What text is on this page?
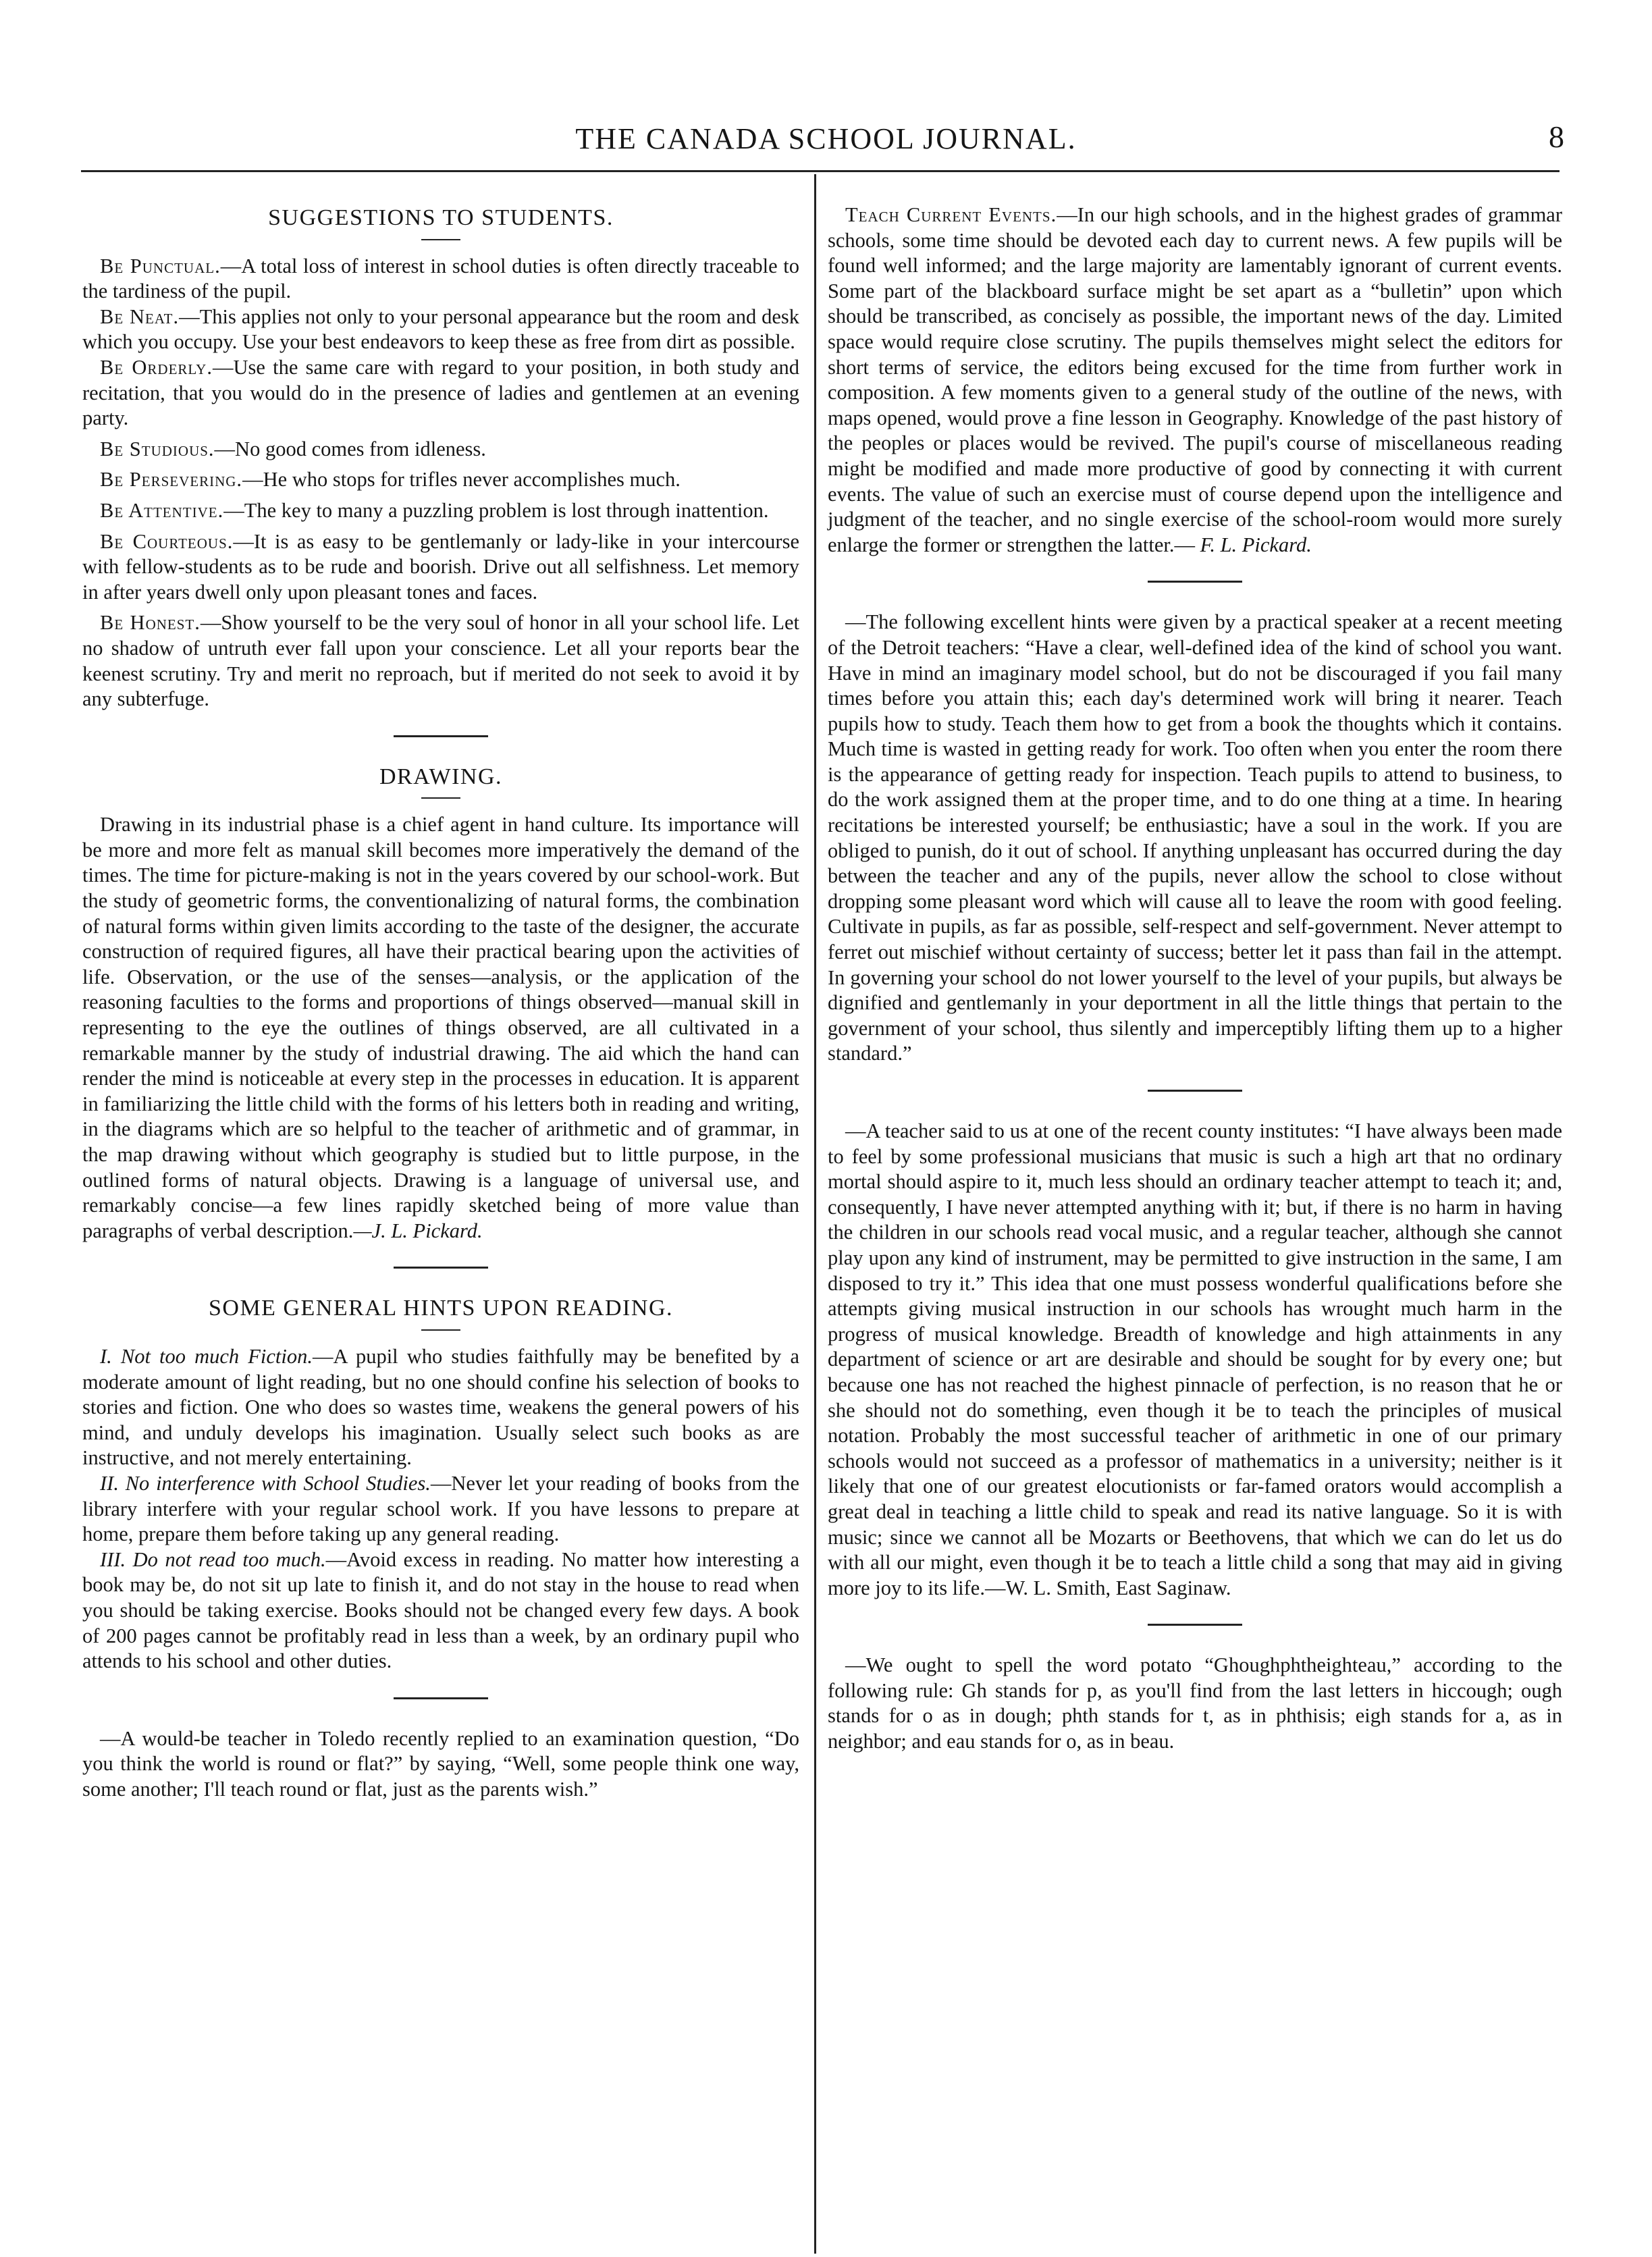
THE CANADA SCHOOL JOURNAL.	8
SUGGESTIONS TO STUDENTS.

Be Punctual.—A total loss of interest in school duties is often directly traceable to the tardiness of the pupil.

Be Neat.—This applies not only to your personal appearance but the room and desk which you occupy. Use your best endeavors to keep these as free from dirt as possible.

Be Orderly.—Use the same care with regard to your position, in both study and recitation, that you would do in the presence of ladies and gentlemen at an evening party.

Be Studious.—No good comes from idleness.

Be Persevering.—He who stops for trifles never accomplishes much.

Be Attentive.—The key to many a puzzling problem is lost through inattention.

Be Courteous.—It is as easy to be gentlemanly or lady-like in your intercourse with fellow-students as to be rude and boorish. Drive out all selfishness. Let memory in after years dwell only upon pleasant tones and faces.

Be Honest.—Show yourself to be the very soul of honor in all your school life. Let no shadow of untruth ever fall upon your conscience. Let all your reports bear the keenest scrutiny. Try and merit no reproach, but if merited do not seek to avoid it by any subterfuge.

DRAWING.

Drawing in its industrial phase is a chief agent in hand culture. Its importance will be more and more felt as manual skill becomes more imperatively the demand of the times. The time for picture-making is not in the years covered by our school-work. But the study of geometric forms, the conventionalizing of natural forms, the combination of natural forms within given limits according to the taste of the designer, the accurate construction of required figures, all have their practical bearing upon the activities of life. Observation, or the use of the senses—analysis, or the application of the reasoning faculties to the forms and proportions of things observed—manual skill in representing to the eye the outlines of things observed, are all cultivated in a remarkable manner by the study of industrial drawing. The aid which the hand can render the mind is noticeable at every step in the processes in education. It is apparent in familiarizing the little child with the forms of his letters both in reading and writing, in the diagrams which are so helpful to the teacher of arithmetic and of grammar, in the map drawing without which geography is studied but to little purpose, in the outlined forms of natural objects. Drawing is a language of universal use, and remarkably concise—a few lines rapidly sketched being of more value than paragraphs of verbal description.—J. L. Pickard.

SOME GENERAL HINTS UPON READING.

I. Not too much Fiction.—A pupil who studies faithfully may be benefited by a moderate amount of light reading, but no one should confine his selection of books to stories and fiction. One who does so wastes time, weakens the general powers of his mind, and unduly develops his imagination. Usually select such books as are instructive, and not merely entertaining.

II. No interference with School Studies.—Never let your reading of books from the library interfere with your regular school work. If you have lessons to prepare at home, prepare them before taking up any general reading.

III. Do not read too much.—Avoid excess in reading. No matter how interesting a book may be, do not sit up late to finish it, and do not stay in the house to read when you should be taking exercise. Books should not be changed every few days. A book of 200 pages cannot be profitably read in less than a week, by an ordinary pupil who attends to his school and other duties.

—A would-be teacher in Toledo recently replied to an examination question, “Do you think the world is round or flat?” by saying, “Well, some people think one way, some another; I'll teach round or flat, just as the parents wish.”

Teach Current Events.—In our high schools, and in the highest grades of grammar schools, some time should be devoted each day to current news. A few pupils will be found well informed; and the large majority are lamentably ignorant of current events. Some part of the blackboard surface might be set apart as a “bulletin” upon which should be transcribed, as concisely as possible, the important news of the day. Limited space would require close scrutiny. The pupils themselves might select the editors for short terms of service, the editors being excused for the time from further work in composition. A few moments given to a general study of the outline of the news, with maps opened, would prove a fine lesson in Geography. Knowledge of the past history of the peoples or places would be revived. The pupil's course of miscellaneous reading might be modified and made more productive of good by connecting it with current events. The value of such an exercise must of course depend upon the intelligence and judgment of the teacher, and no single exercise of the school-room would more surely enlarge the former or strengthen the latter.— F. L. Pickard.

—The following excellent hints were given by a practical speaker at a recent meeting of the Detroit teachers: “Have a clear, well-defined idea of the kind of school you want. Have in mind an imaginary model school, but do not be discouraged if you fail many times before you attain this; each day's determined work will bring it nearer. Teach pupils how to study. Teach them how to get from a book the thoughts which it contains. Much time is wasted in getting ready for work. Too often when you enter the room there is the appearance of getting ready for inspection. Teach pupils to attend to business, to do the work assigned them at the proper time, and to do one thing at a time. In hearing recitations be interested yourself; be enthusiastic; have a soul in the work. If you are obliged to punish, do it out of school. If anything unpleasant has occurred during the day between the teacher and any of the pupils, never allow the school to close without dropping some pleasant word which will cause all to leave the room with good feeling. Cultivate in pupils, as far as possible, self-respect and self-government. Never attempt to ferret out mischief without certainty of success; better let it pass than fail in the attempt. In governing your school do not lower yourself to the level of your pupils, but always be dignified and gentlemanly in your deportment in all the little things that pertain to the government of your school, thus silently and imperceptibly lifting them up to a higher standard.”

—A teacher said to us at one of the recent county institutes: “I have always been made to feel by some professional musicians that music is such a high art that no ordinary mortal should aspire to it, much less should an ordinary teacher attempt to teach it; and, consequently, I have never attempted anything with it; but, if there is no harm in having the children in our schools read vocal music, and a regular teacher, although she cannot play upon any kind of instrument, may be permitted to give instruction in the same, I am disposed to try it.” This idea that one must possess wonderful qualifications before she attempts giving musical instruction in our schools has wrought much harm in the progress of musical knowledge. Breadth of knowledge and high attainments in any department of science or art are desirable and should be sought for by every one; but because one has not reached the highest pinnacle of perfection, is no reason that he or she should not do something, even though it be to teach the principles of musical notation. Probably the most successful teacher of arithmetic in one of our primary schools would not succeed as a professor of mathematics in a university; neither is it likely that one of our greatest elocutionists or far-famed orators would accomplish a great deal in teaching a little child to speak and read its native language. So it is with music; since we cannot all be Mozarts or Beethovens, that which we can do let us do with all our might, even though it be to teach a little child a song that may aid in giving more joy to its life.—W. L. Smith, East Saginaw.

—We ought to spell the word potato “Ghoughphtheighteau,” according to the following rule: Gh stands for p, as you'll find from the last letters in hiccough; ough stands for o as in dough; phth stands for t, as in phthisis; eigh stands for a, as in neighbor; and eau stands for o, as in beau.
